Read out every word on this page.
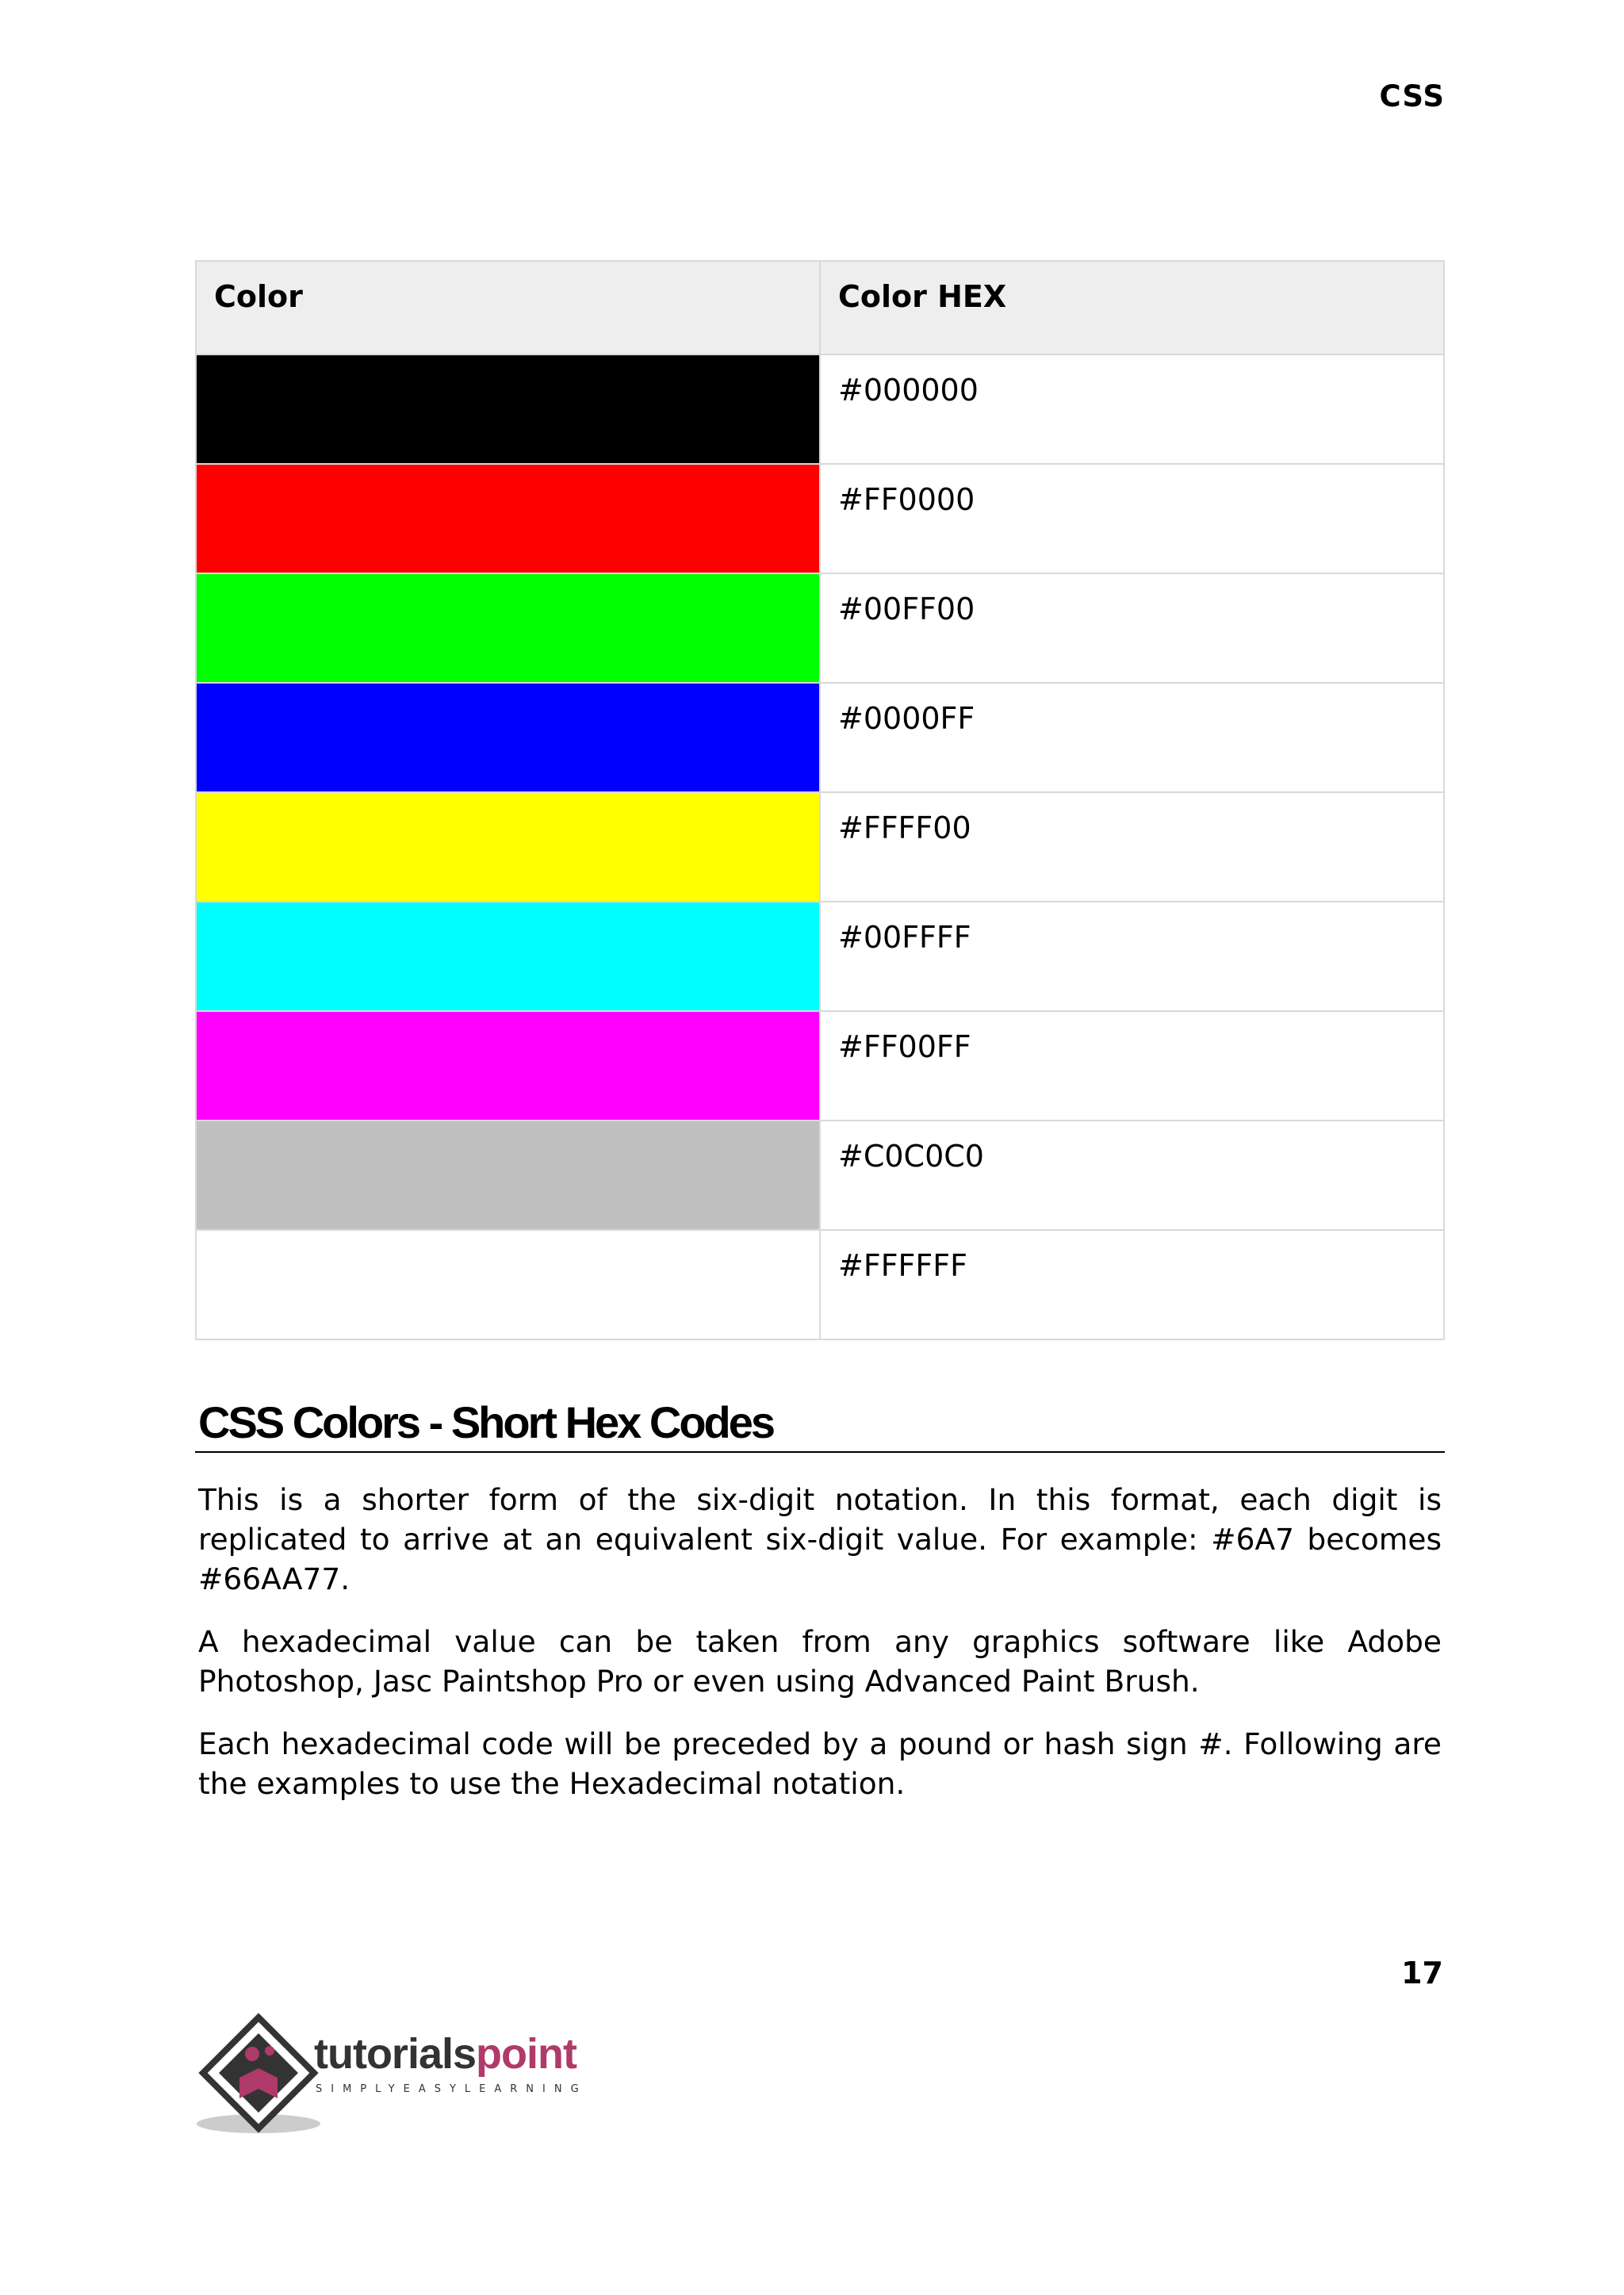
CSS
Color	Color HEX
	#000000
	#FF0000
	#00FF00
	#0000FF
	#FFFF00
	#00FFFF
	#FF00FF
	#C0C0C0
	#FFFFFF
CSS Colors - Short Hex Codes

This is a shorter form of the six-digit notation. In this format, each digit is replicated to arrive at an equivalent six-digit value. For example: #6A7 becomes #66AA77.

A hexadecimal value can be taken from any graphics software like Adobe Photoshop, Jasc Paintshop Pro or even using Advanced Paint Brush.

Each hexadecimal code will be preceded by a pound or hash sign #. Following are the examples to use the Hexadecimal notation.

17
tutorialspoint
SIMPLYEASYLEARNING
